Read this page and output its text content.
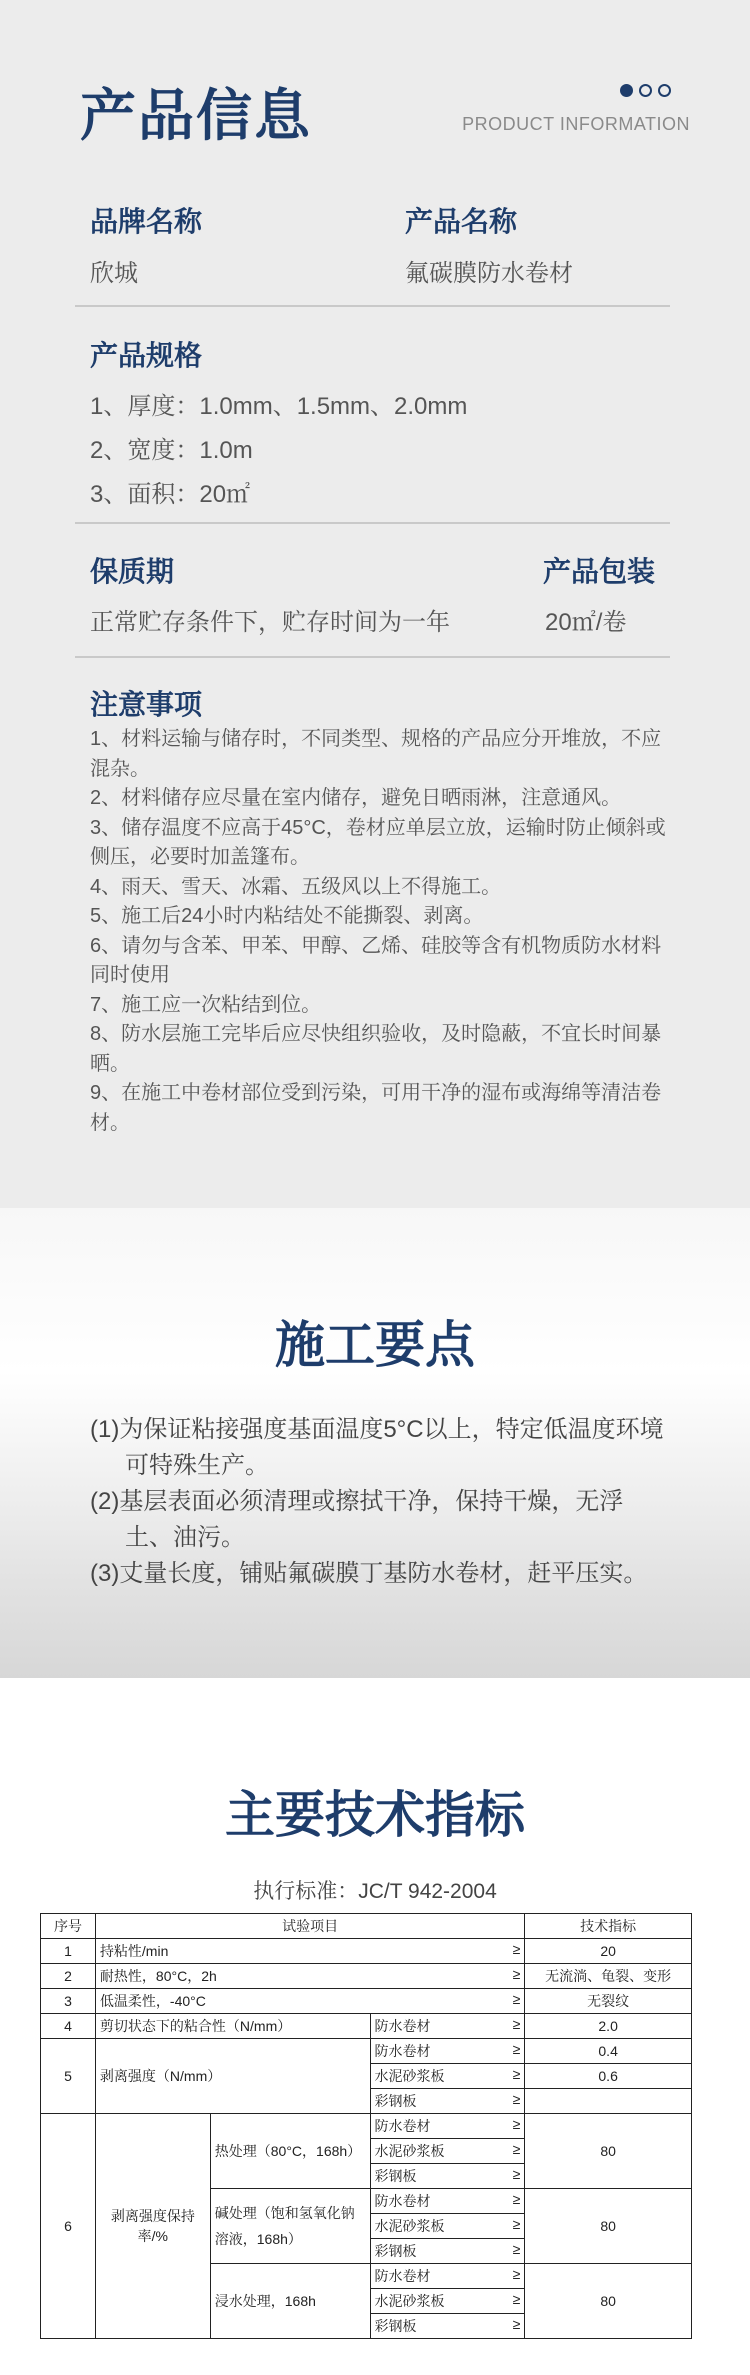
产品信息	PRODUCT INFORMATION
品牌名称
欣城
产品名称
氟碳膜防水卷材
产品规格
1、厚度：1.0mm、1.5mm、2.0mm
2、宽度：1.0m
3、面积：20㎡
保质期
正常贮存条件下，贮存时间为一年
产品包装
20㎡/卷
注意事项
1、材料运输与储存时，不同类型、规格的产品应分开堆放，不应混杂。
2、材料储存应尽量在室内储存，避免日晒雨淋，注意通风。
3、储存温度不应高于45°C，卷材应单层立放，运输时防止倾斜或侧压，必要时加盖篷布。
4、雨天、雪天、冰霜、五级风以上不得施工。
5、施工后24小时内粘结处不能撕裂、剥离。
6、请勿与含苯、甲苯、甲醇、乙烯、硅胶等含有机物质防水材料同时使用
7、施工应一次粘结到位。
8、防水层施工完毕后应尽快组织验收，及时隐蔽，不宜长时间暴晒。
9、在施工中卷材部位受到污染，可用干净的湿布或海绵等清洁卷材。
施工要点
(1)为保证粘接强度基面温度5°C以上，特定低温度环境可特殊生产。
(2)基层表面必须清理或擦拭干净，保持干燥，无浮土、油污。
(3)丈量长度，铺贴氟碳膜丁基防水卷材，赶平压实。
主要技术指标
执行标准：JC/T 942-2004
序号	试验项目			技术指标
1	持粘性/min ≥			20
2	耐热性，80°C，2h ≥			无流淌、龟裂、变形
3	低温柔性，-40°C ≥			无裂纹
4	剪切状态下的粘合性（N/mm）		防水卷材 ≥	2.0
5	剥离强度（N/mm）		防水卷材 ≥	0.4
			水泥砂浆板 ≥	0.6
			彩钢板 ≥	

6	剥离强度保持率/%	热处理（80°C，168h）	防水卷材 ≥	80
			水泥砂浆板 ≥	

			彩钢板 ≥	

		碱处理（饱和氢氧化钠溶液，168h）	防水卷材 ≥	80
			水泥砂浆板 ≥	

			彩钢板 ≥	

		浸水处理，168h	防水卷材 ≥	80
			水泥砂浆板 ≥	

			彩钢板 ≥	
